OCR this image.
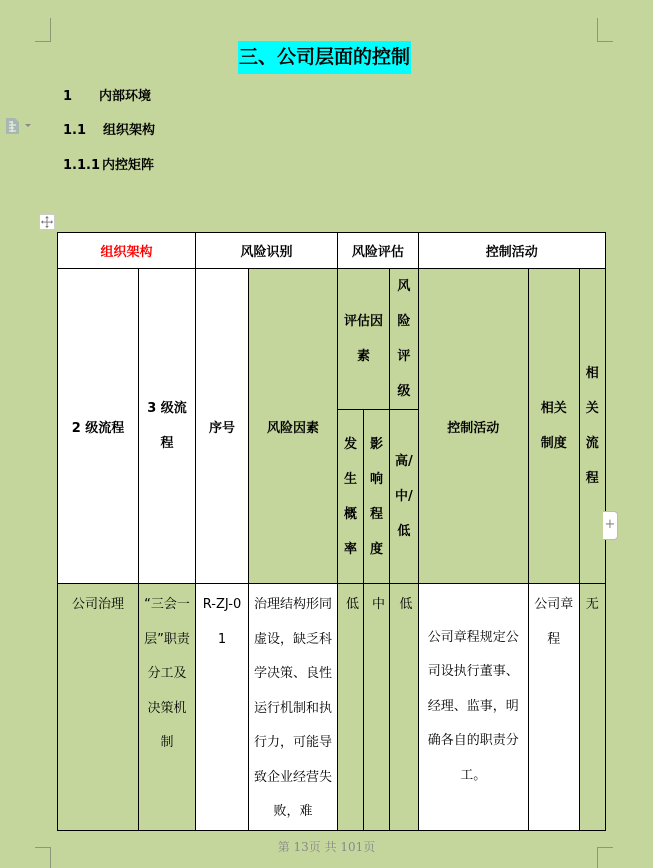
三、公司层面的控制
1 内部环境
1.1 组织架构
1.1.1 内控矩阵
组织架构		风险识别		风险评估			控制活动		
2 级流程	3 级流程	序号	风险因素	评估因素		风险评级	控制活动	相关制度	相关流程
				发生概率	影响程度	高/中/低			
公司治理	“三会一层”职责分工及决策机制	R-ZJ-01	治理结构形同虚设，缺乏科学决策、良性运行机制和执行力，可能导致企业经营失败，难	低	中	低	公司章程规定公司设执行董事、经理、监事，明确各自的职责分工。	公司章程	无
+
第 13页 共 101页
